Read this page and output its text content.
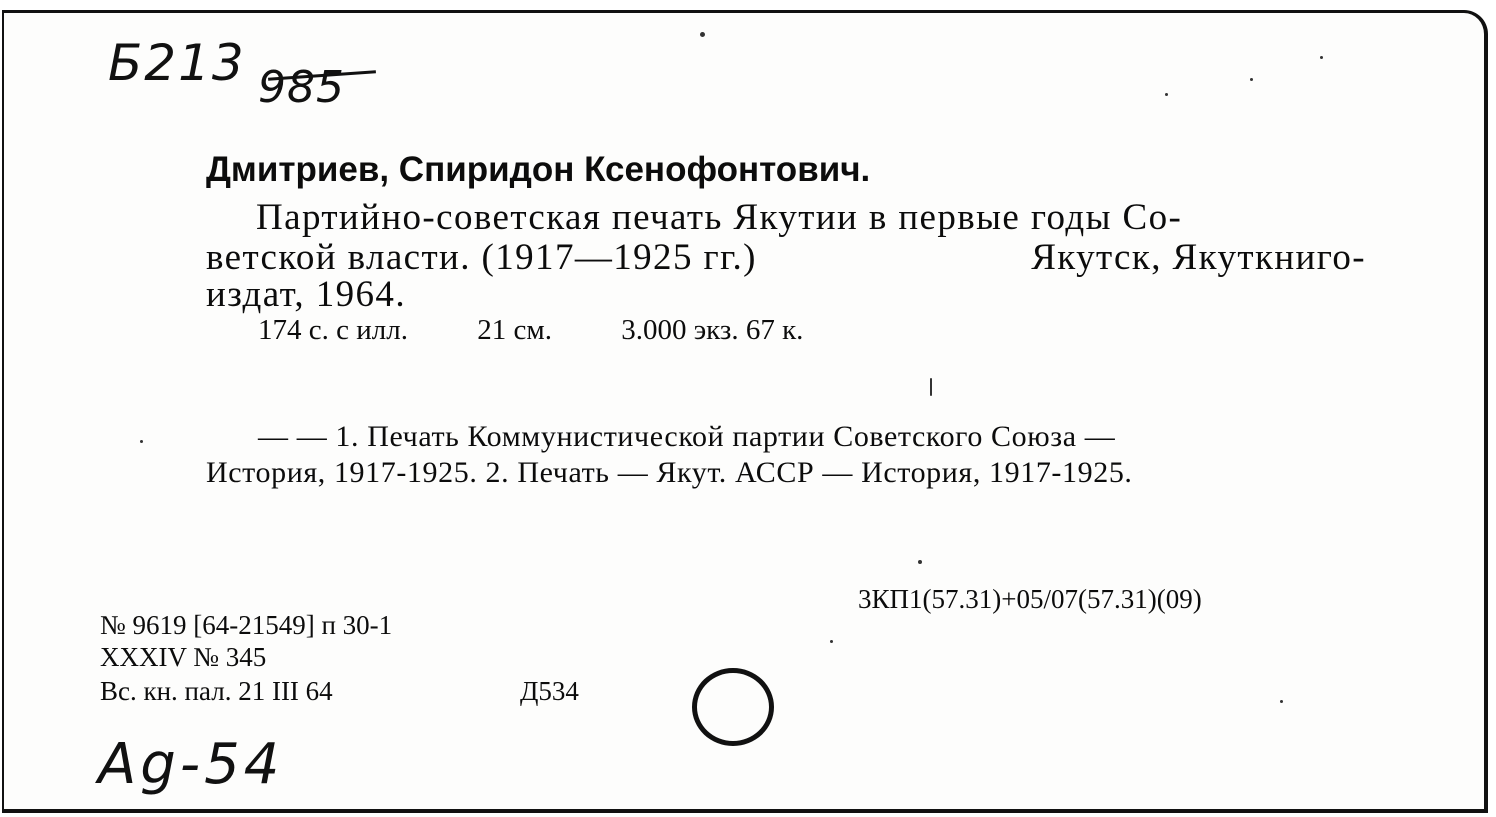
Б213 985
Дмитриев, Спиридон Ксенофонтович.
Партийно-советская печать Якутии в первые годы Со-
ветской власти. (1917—1925 гг.)	Якутск, Якуткниго-
издат, 1964.
174 с. с илл. 21 см. 3.000 экз. 67 к.
— — 1. Печать Коммунистической партии Советского Союза —
История, 1917-1925. 2. Печать — Якут. АССР — История, 1917-1925.
3КП1(57.31)+05/07(57.31)(09)
№ 9619 [64-21549] п 30-1
XXXIV № 345
Вс. кн. пал. 21 III 64	Д534
Аg-54
